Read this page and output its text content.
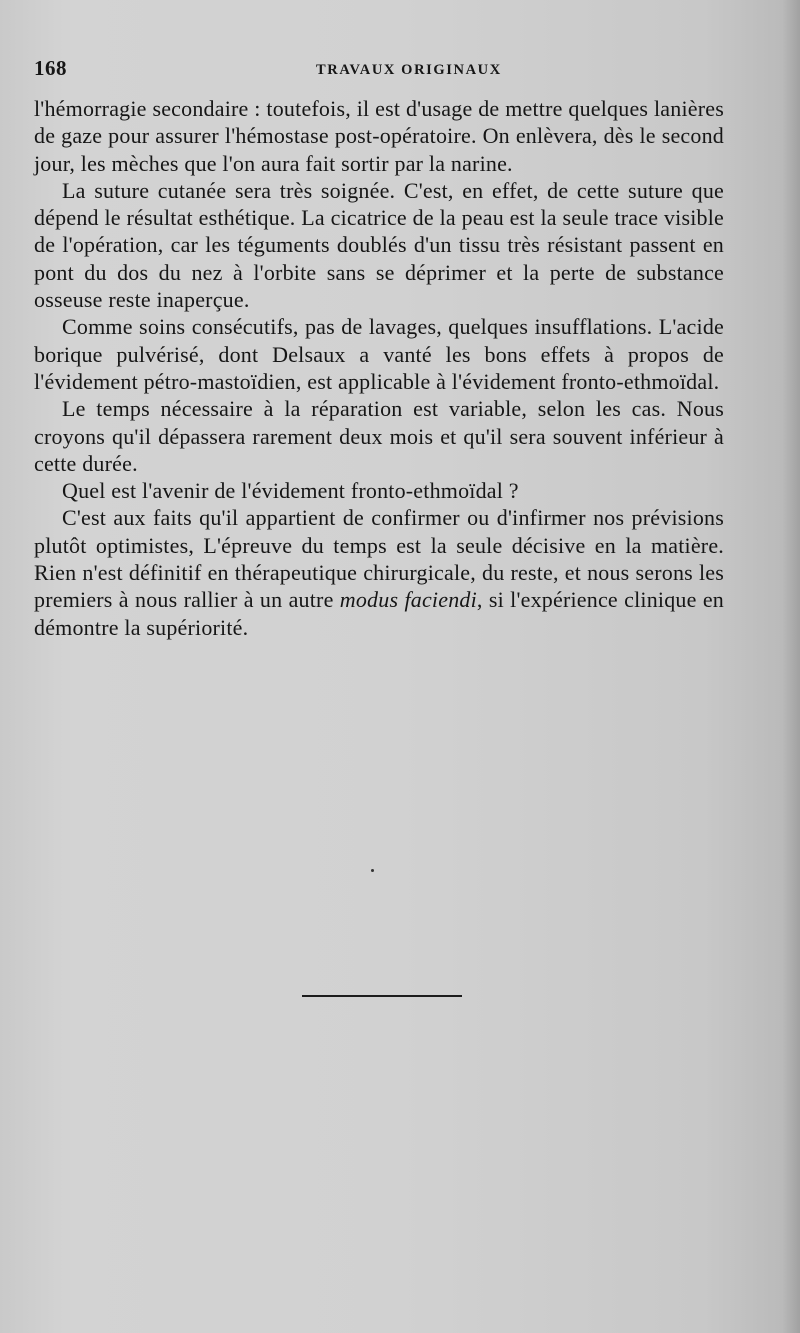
168	TRAVAUX ORIGINAUX

l'hémorragie secondaire : toutefois, il est d'usage de mettre quelques lanières de gaze pour assurer l'hémostase post-opératoire. On enlèvera, dès le second jour, les mèches que l'on aura fait sortir par la narine.

La suture cutanée sera très soignée. C'est, en effet, de cette suture que dépend le résultat esthétique. La cicatrice de la peau est la seule trace visible de l'opération, car les téguments doublés d'un tissu très résistant passent en pont du dos du nez à l'orbite sans se déprimer et la perte de substance osseuse reste inaperçue.

Comme soins consécutifs, pas de lavages, quelques insufflations. L'acide borique pulvérisé, dont Delsaux a vanté les bons effets à propos de l'évidement pétro-mastoïdien, est applicable à l'évidement fronto-ethmoïdal.

Le temps nécessaire à la réparation est variable, selon les cas. Nous croyons qu'il dépassera rarement deux mois et qu'il sera souvent inférieur à cette durée.

Quel est l'avenir de l'évidement fronto-ethmoïdal ?

C'est aux faits qu'il appartient de confirmer ou d'infirmer nos prévisions plutôt optimistes, L'épreuve du temps est la seule décisive en la matière. Rien n'est définitif en thérapeutique chirurgicale, du reste, et nous serons les premiers à nous rallier à un autre modus faciendi, si l'expérience clinique en démontre la supériorité.
